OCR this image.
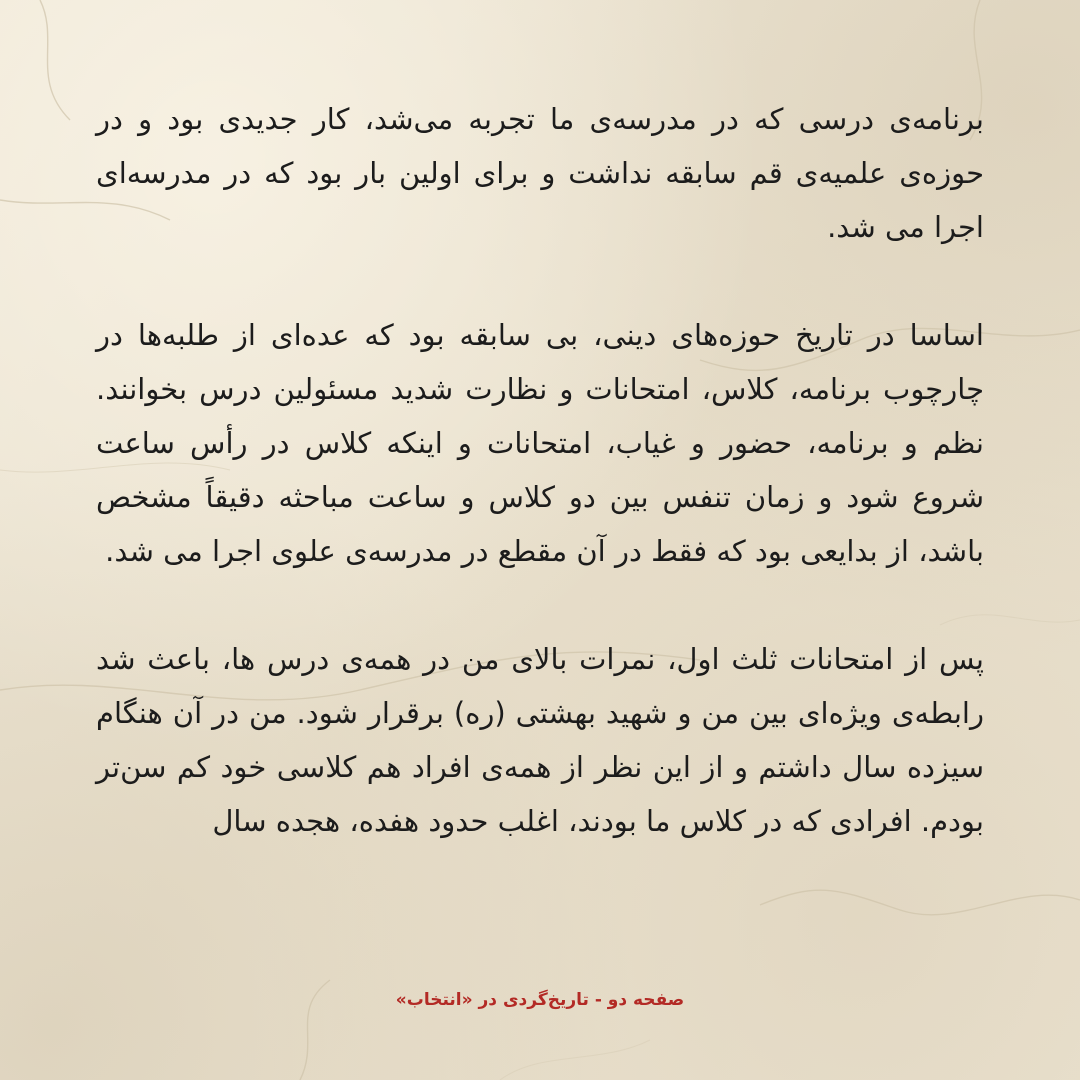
برنامه‌ی درسی که در مدرسه‌ی ما تجربه می‌شد، کار جدیدی بود و در حوزه‌ی علمیه‌ی قم سابقه نداشت و برای اولین بار بود که در مدرسه‌ای اجرا می شد.

اساسا در تاریخ حوزه‌های دینی، بی سابقه بود که عده‌ای از طلبه‌ها در چارچوب برنامه، کلاس، امتحانات و نظارت شدید مسئولین درس بخوانند. نظم و برنامه، حضور و غیاب، امتحانات و اینکه کلاس در رأس ساعت شروع شود و زمان تنفس بین دو کلاس و ساعت مباحثه دقیقاً مشخص باشد، از بدایعی بود که فقط در آن مقطع در مدرسه‌ی علوی اجرا می شد.

پس از امتحانات ثلث اول، نمرات بالای من در همه‌ی درس ها، باعث شد رابطه‌ی ویژه‌ای بین من و شهید بهشتی (ره) برقرار شود. من در آن هنگام سیزده سال داشتم و از این نظر از همه‌ی افراد هم کلاسی خود کم سن‌تر بودم. افرادی که در کلاس ما بودند، اغلب حدود هفده، هجده سال

صفحه دو - تاریخ‌گردی در «انتخاب»
